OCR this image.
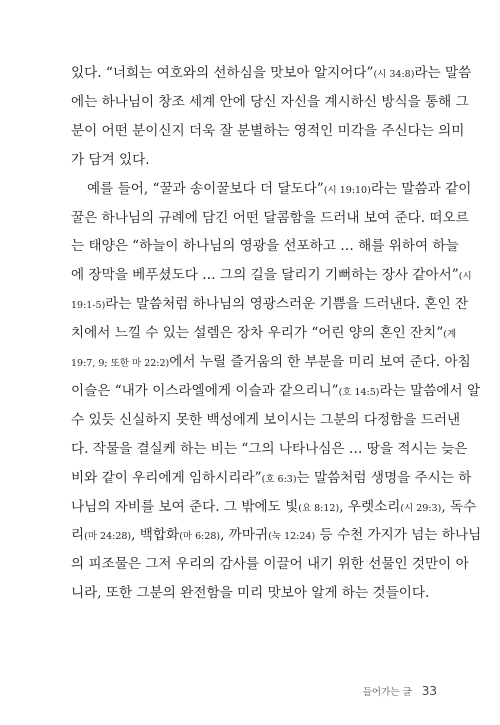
있다. “너희는 여호와의 선하심을 맛보아 알지어다”(시 34:8)라는 말씀
에는 하나님이 창조 세계 안에 당신 자신을 계시하신 방식을 통해 그
분이 어떤 분이신지 더욱 잘 분별하는 영적인 미각을 주신다는 의미
가 담겨 있다.
예를 들어, “꿀과 송이꿀보다 더 달도다”(시 19:10)라는 말씀과 같이
꿀은 하나님의 규례에 담긴 어떤 달콤함을 드러내 보여 준다. 떠오르
는 태양은 “하늘이 하나님의 영광을 선포하고 … 해를 위하여 하늘
에 장막을 베푸셨도다 … 그의 길을 달리기 기뻐하는 장사 같아서”(시
19:1-5)라는 말씀처럼 하나님의 영광스러운 기쁨을 드러낸다. 혼인 잔
치에서 느낄 수 있는 설렘은 장차 우리가 “어린 양의 혼인 잔치”(계
19:7, 9; 또한 마 22:2)에서 누릴 즐거움의 한 부분을 미리 보여 준다. 아침
이슬은 “내가 이스라엘에게 이슬과 같으리니”(호 14:5)라는 말씀에서 알
수 있듯 신실하지 못한 백성에게 보이시는 그분의 다정함을 드러낸
다. 작물을 결실케 하는 비는 “그의 나타나심은 … 땅을 적시는 늦은
비와 같이 우리에게 임하시리라”(호 6:3)는 말씀처럼 생명을 주시는 하
나님의 자비를 보여 준다. 그 밖에도 빛(요 8:12), 우렛소리(시 29:3), 독수
리(마 24:28), 백합화(마 6:28), 까마귀(눅 12:24) 등 수천 가지가 넘는 하나님
의 피조물은 그저 우리의 감사를 이끌어 내기 위한 선물인 것만이 아
니라, 또한 그분의 완전함을 미리 맛보아 알게 하는 것들이다.
들어가는 글 33
